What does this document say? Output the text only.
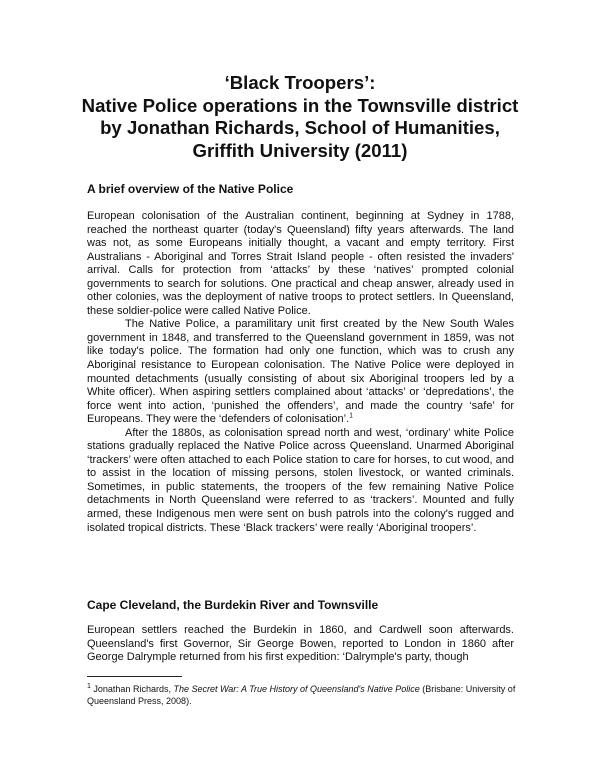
‘Black Troopers’:
Native Police operations in the Townsville district
by Jonathan Richards, School of Humanities,
Griffith University (2011)
A brief overview of the Native Police

European colonisation of the Australian continent, beginning at Sydney in 1788, reached the northeast quarter (today's Queensland) fifty years afterwards. The land was not, as some Europeans initially thought, a vacant and empty territory. First Australians - Aboriginal and Torres Strait Island people - often resisted the invaders' arrival. Calls for protection from ‘attacks’ by these ‘natives’ prompted colonial governments to search for solutions. One practical and cheap answer, already used in other colonies, was the deployment of native troops to protect settlers. In Queensland, these soldier-police were called Native Police.

The Native Police, a paramilitary unit first created by the New South Wales government in 1848, and transferred to the Queensland government in 1859, was not like today's police. The formation had only one function, which was to crush any Aboriginal resistance to European colonisation. The Native Police were deployed in mounted detachments (usually consisting of about six Aboriginal troopers led by a White officer). When aspiring settlers complained about ‘attacks’ or ‘depredations’, the force went into action, ‘punished the offenders’, and made the country ‘safe’ for Europeans. They were the ‘defenders of colonisation’.$^1$

After the 1880s, as colonisation spread north and west, ‘ordinary’ white Police stations gradually replaced the Native Police across Queensland. Unarmed Aboriginal ‘trackers’ were often attached to each Police station to care for horses, to cut wood, and to assist in the location of missing persons, stolen livestock, or wanted criminals. Sometimes, in public statements, the troopers of the few remaining Native Police detachments in North Queensland were referred to as ‘trackers’. Mounted and fully armed, these Indigenous men were sent on bush patrols into the colony's rugged and isolated tropical districts. These ‘Black trackers’ were really ‘Aboriginal troopers’.

Cape Cleveland, the Burdekin River and Townsville

European settlers reached the Burdekin in 1860, and Cardwell soon afterwards. Queensland's first Governor, Sir George Bowen, reported to London in 1860 after George Dalrymple returned from his first expedition: ‘Dalrymple's party, though

$^1$ Jonathan Richards, The Secret War: A True History of Queensland's Native Police (Brisbane: University of Queensland Press, 2008).
